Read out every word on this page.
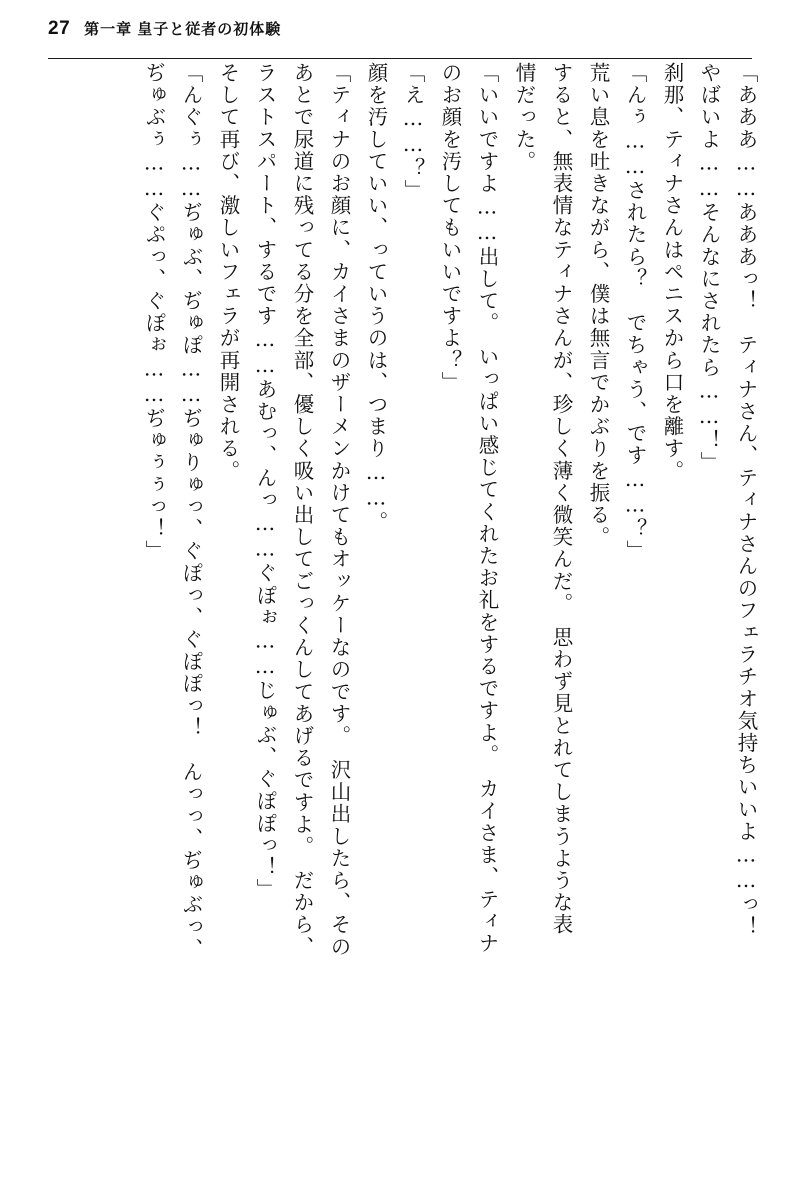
27 第一章 皇子と従者の初体験
「あああ……あああっ！　ティナさん、ティナさんのフェラチオ気持ちいいよ……っ！
やばいよ……そんなにされたら……！」
刹那、ティナさんはペニスから口を離す。
「んぅ……されたら？　でちゃう、です……？」
荒い息を吐きながら、僕は無言でかぶりを振る。
すると、無表情なティナさんが、珍しく薄く微笑んだ。　思わず見とれてしまうような表
情だった。
「いいですよ……出して。　いっぱい感じてくれたお礼をするですよ。　カイさま、ティナ
のお顔を汚してもいいですよ？」
「え……？」
顔を汚していい、っていうのは、つまり……。
「ティナのお顔に、カイさまのザーメンかけてもオッケーなのです。　沢山出したら、その
あとで尿道に残ってる分を全部、優しく吸い出してごっくんしてあげるですよ。　だから、
ラストスパート、するです……あむっ、んっ……ぐぽぉ……じゅぶ、ぐぽぽっ！」
そして再び、激しいフェラが再開される。
「んぐぅ……ぢゅぶ、ぢゅぽ……ぢゅりゅっ、ぐぽっ、ぐぽぽっ！　んっっ、ぢゅぶっ、
ぢゅぶぅ……ぐぷっ、ぐぽぉ……ぢゅぅぅっ！」
